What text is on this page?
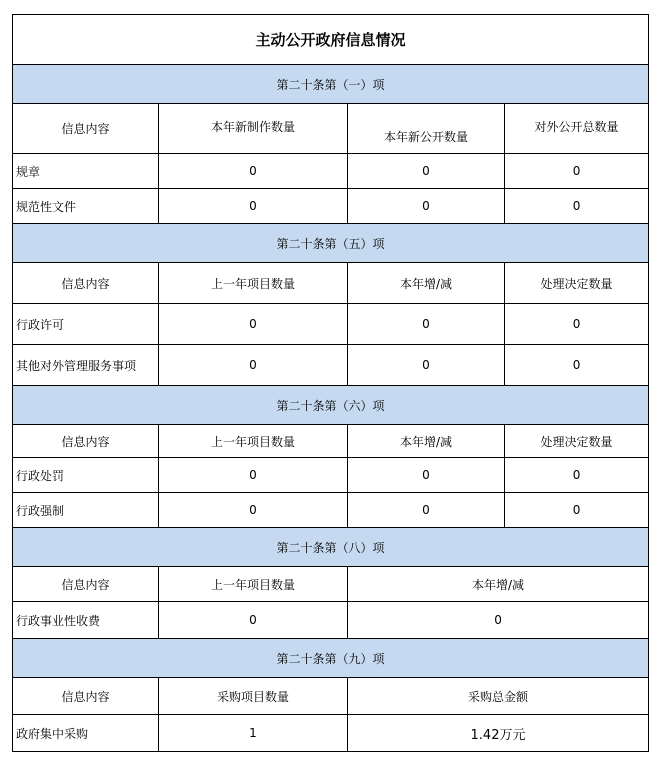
主动公开政府信息情况			
第二十条第（一）项			
信息内容	本年新制作数量	本年新公开数量	对外公开总数量
规章	0	0	0
规范性文件	0	0	0
第二十条第（五）项			
信息内容	上一年项目数量	本年增/减	处理决定数量
行政许可	0	0	0
其他对外管理服务事项	0	0	0
第二十条第（六）项			
信息内容	上一年项目数量	本年增/减	处理决定数量
行政处罚	0	0	0
行政强制	0	0	0
第二十条第（八）项			
信息内容	上一年项目数量	本年增/减	
行政事业性收费	0	0	
第二十条第（九）项			
信息内容	采购项目数量	采购总金额	
政府集中采购	1	1.42万元	
